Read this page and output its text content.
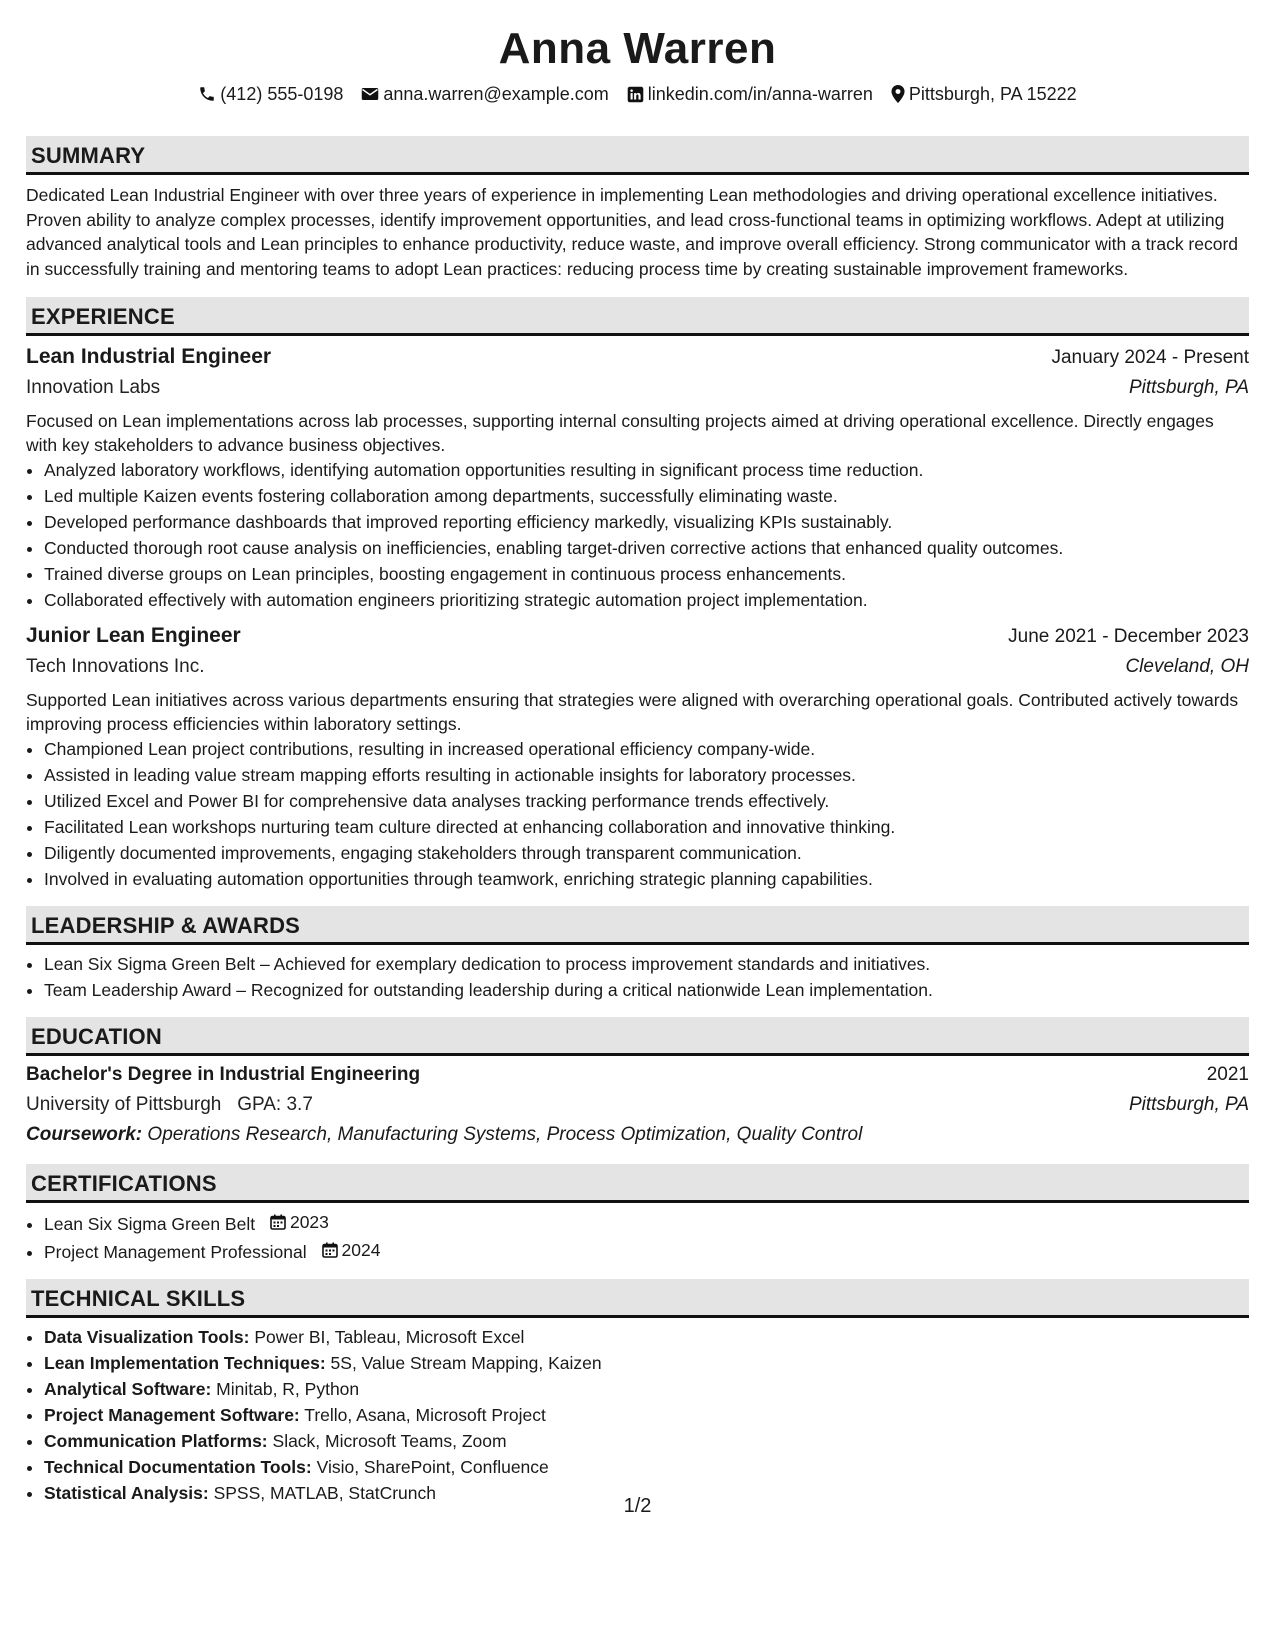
Anna Warren
(412) 555-0198 anna.warren@example.com linkedin.com/in/anna-warren Pittsburgh, PA 15222
SUMMARY
Dedicated Lean Industrial Engineer with over three years of experience in implementing Lean methodologies and driving operational excellence initiatives. Proven ability to analyze complex processes, identify improvement opportunities, and lead cross-functional teams in optimizing workflows. Adept at utilizing advanced analytical tools and Lean principles to enhance productivity, reduce waste, and improve overall efficiency. Strong communicator with a track record in successfully training and mentoring teams to adopt Lean practices: reducing process time by creating sustainable improvement frameworks.
EXPERIENCE
Lean Industrial Engineer	January 2024 - Present
Innovation Labs	Pittsburgh, PA
Focused on Lean implementations across lab processes, supporting internal consulting projects aimed at driving operational excellence. Directly engages with key stakeholders to advance business objectives.
• Analyzed laboratory workflows, identifying automation opportunities resulting in significant process time reduction.
• Led multiple Kaizen events fostering collaboration among departments, successfully eliminating waste.
• Developed performance dashboards that improved reporting efficiency markedly, visualizing KPIs sustainably.
• Conducted thorough root cause analysis on inefficiencies, enabling target-driven corrective actions that enhanced quality outcomes.
• Trained diverse groups on Lean principles, boosting engagement in continuous process enhancements.
• Collaborated effectively with automation engineers prioritizing strategic automation project implementation.
Junior Lean Engineer	June 2021 - December 2023
Tech Innovations Inc.	Cleveland, OH
Supported Lean initiatives across various departments ensuring that strategies were aligned with overarching operational goals. Contributed actively towards improving process efficiencies within laboratory settings.
• Championed Lean project contributions, resulting in increased operational efficiency company-wide.
• Assisted in leading value stream mapping efforts resulting in actionable insights for laboratory processes.
• Utilized Excel and Power BI for comprehensive data analyses tracking performance trends effectively.
• Facilitated Lean workshops nurturing team culture directed at enhancing collaboration and innovative thinking.
• Diligently documented improvements, engaging stakeholders through transparent communication.
• Involved in evaluating automation opportunities through teamwork, enriching strategic planning capabilities.
LEADERSHIP & AWARDS
• Lean Six Sigma Green Belt – Achieved for exemplary dedication to process improvement standards and initiatives.
• Team Leadership Award – Recognized for outstanding leadership during a critical nationwide Lean implementation.
EDUCATION
Bachelor's Degree in Industrial Engineering	2021
University of Pittsburgh GPA: 3.7	Pittsburgh, PA
Coursework: Operations Research, Manufacturing Systems, Process Optimization, Quality Control
CERTIFICATIONS
• Lean Six Sigma Green Belt 2023
• Project Management Professional 2024
TECHNICAL SKILLS
• Data Visualization Tools: Power BI, Tableau, Microsoft Excel
• Lean Implementation Techniques: 5S, Value Stream Mapping, Kaizen
• Analytical Software: Minitab, R, Python
• Project Management Software: Trello, Asana, Microsoft Project
• Communication Platforms: Slack, Microsoft Teams, Zoom
• Technical Documentation Tools: Visio, SharePoint, Confluence
• Statistical Analysis: SPSS, MATLAB, StatCrunch
1/2
